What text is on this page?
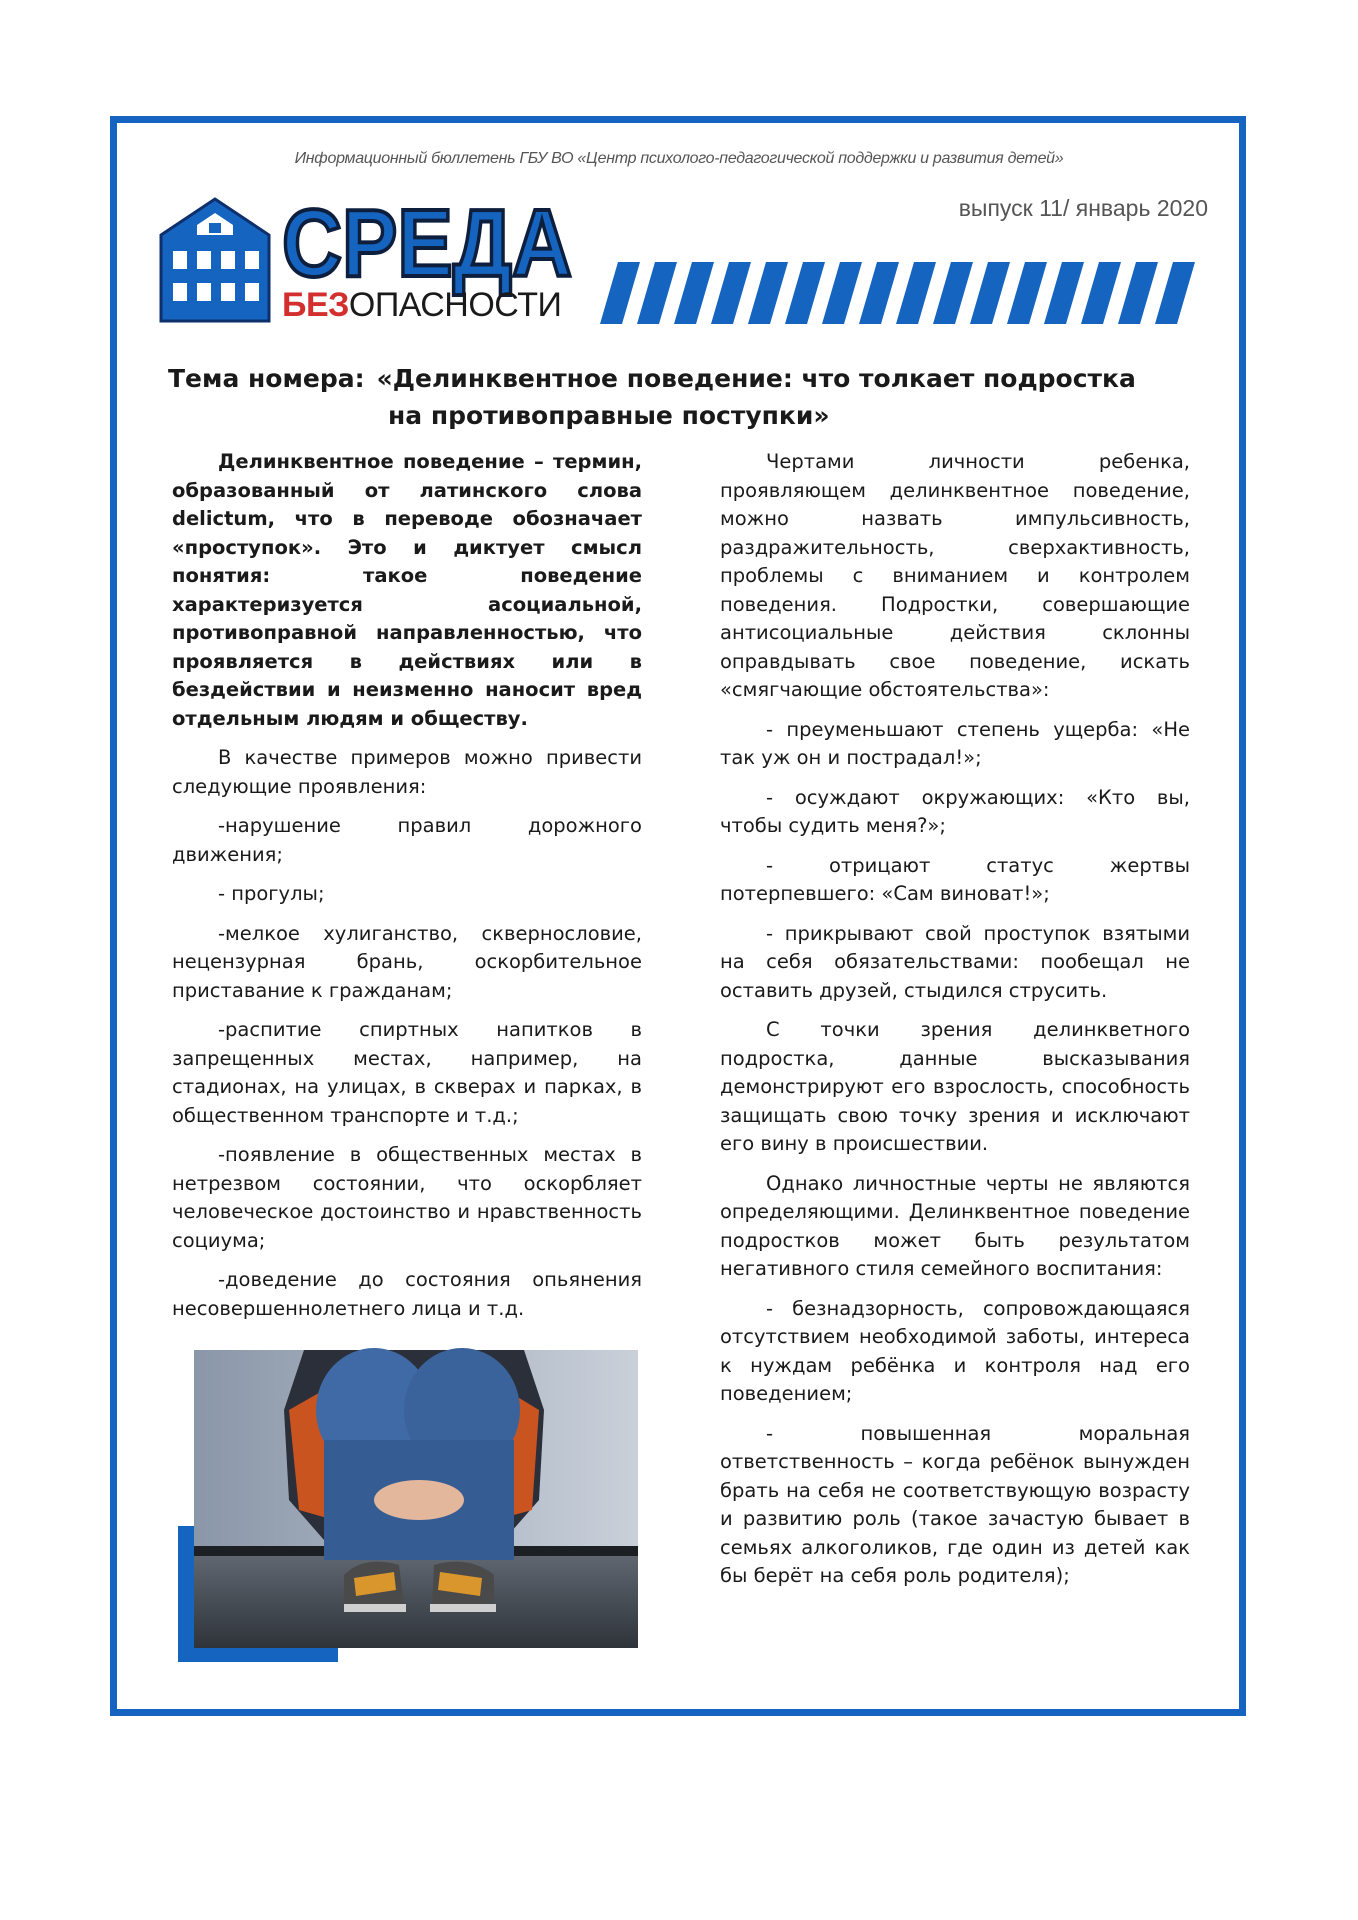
Информационный бюллетень ГБУ ВО «Центр психолого-педагогической поддержки и развития детей»
выпуск 11/ январь 2020
СРЕДА
БЕЗОПАСНОСТИ
Тема номера: «Делинквентное поведение: что толкает подростка
на противоправные поступки»

Делинквентное поведение – термин, образованный от латинского слова delictum, что в переводе обозначает «проступок». Это и диктует смысл понятия: такое поведение характеризуется асоциальной, противоправной направленностью, что проявляется в действиях или в бездействии и неизменно наносит вред отдельным людям и обществу.

В качестве примеров можно привести следующие проявления:

-нарушение правил дорожного движения;

- прогулы;

-мелкое хулиганство, сквернословие, нецензурная брань, оскорбительное приставание к гражданам;

-распитие спиртных напитков в запрещенных местах, например, на стадионах, на улицах, в скверах и парках, в общественном транспорте и т.д.;

-появление в общественных местах в нетрезвом состоянии, что оскорбляет человеческое достоинство и нравственность социума;

-доведение до состояния опьянения несовершеннолетнего лица и т.д.

Чертами личности ребенка, проявляющем делинквентное поведение, можно назвать импульсивность, раздражительность, сверхактивность, проблемы с вниманием и контролем поведения. Подростки, совершающие антисоциальные действия склонны оправдывать свое поведение, искать «смягчающие обстоятельства»:

- преуменьшают степень ущерба: «Не так уж он и пострадал!»;

- осуждают окружающих: «Кто вы, чтобы судить меня?»;

- отрицают статус жертвы потерпевшего: «Сам виноват!»;

- прикрывают свой проступок взятыми на себя обязательствами: пообещал не оставить друзей, стыдился струсить.

С точки зрения делинкветного подростка, данные высказывания демонстрируют его взрослость, способность защищать свою точку зрения и исключают его вину в происшествии.

Однако личностные черты не являются определяющими. Делинквентное поведение подростков может быть результатом негативного стиля семейного воспитания:

- безнадзорность, сопровождающаяся отсутствием необходимой заботы, интереса к нуждам ребёнка и контроля над его поведением;

- повышенная моральная ответственность – когда ребёнок вынужден брать на себя не соответствующую возрасту и развитию роль (такое зачастую бывает в семьях алкоголиков, где один из детей как бы берёт на себя роль родителя);
